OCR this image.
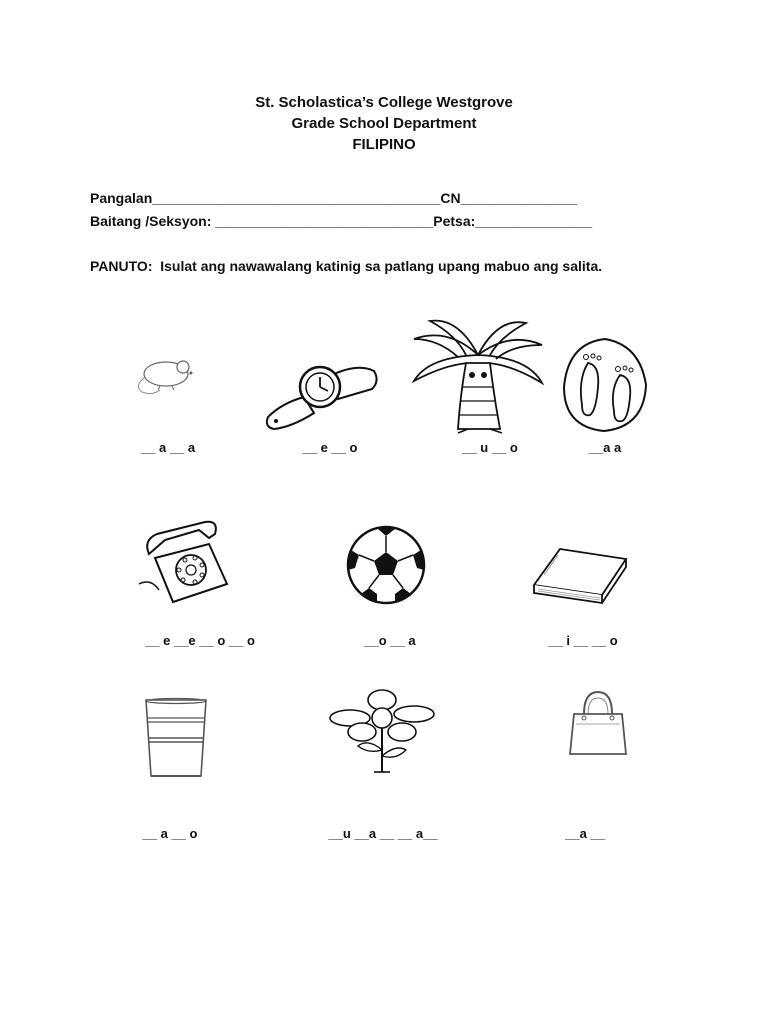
St. Scholastica’s College Westgrove
Grade School Department
FILIPINO
Pangalan_____________________________________CN_______________
Baitang /Seksyon: ____________________________Petsa:_______________
PANUTO:  Isulat ang nawawalang katinig sa patlang upang mabuo ang salita.
__ a __ a	__ e __ o	__ u __ o	__a a
__ e __e __ o __ o	__o __ a	__ i __ __ o
__ a __ o	__u __a __ __ a__	__a __
